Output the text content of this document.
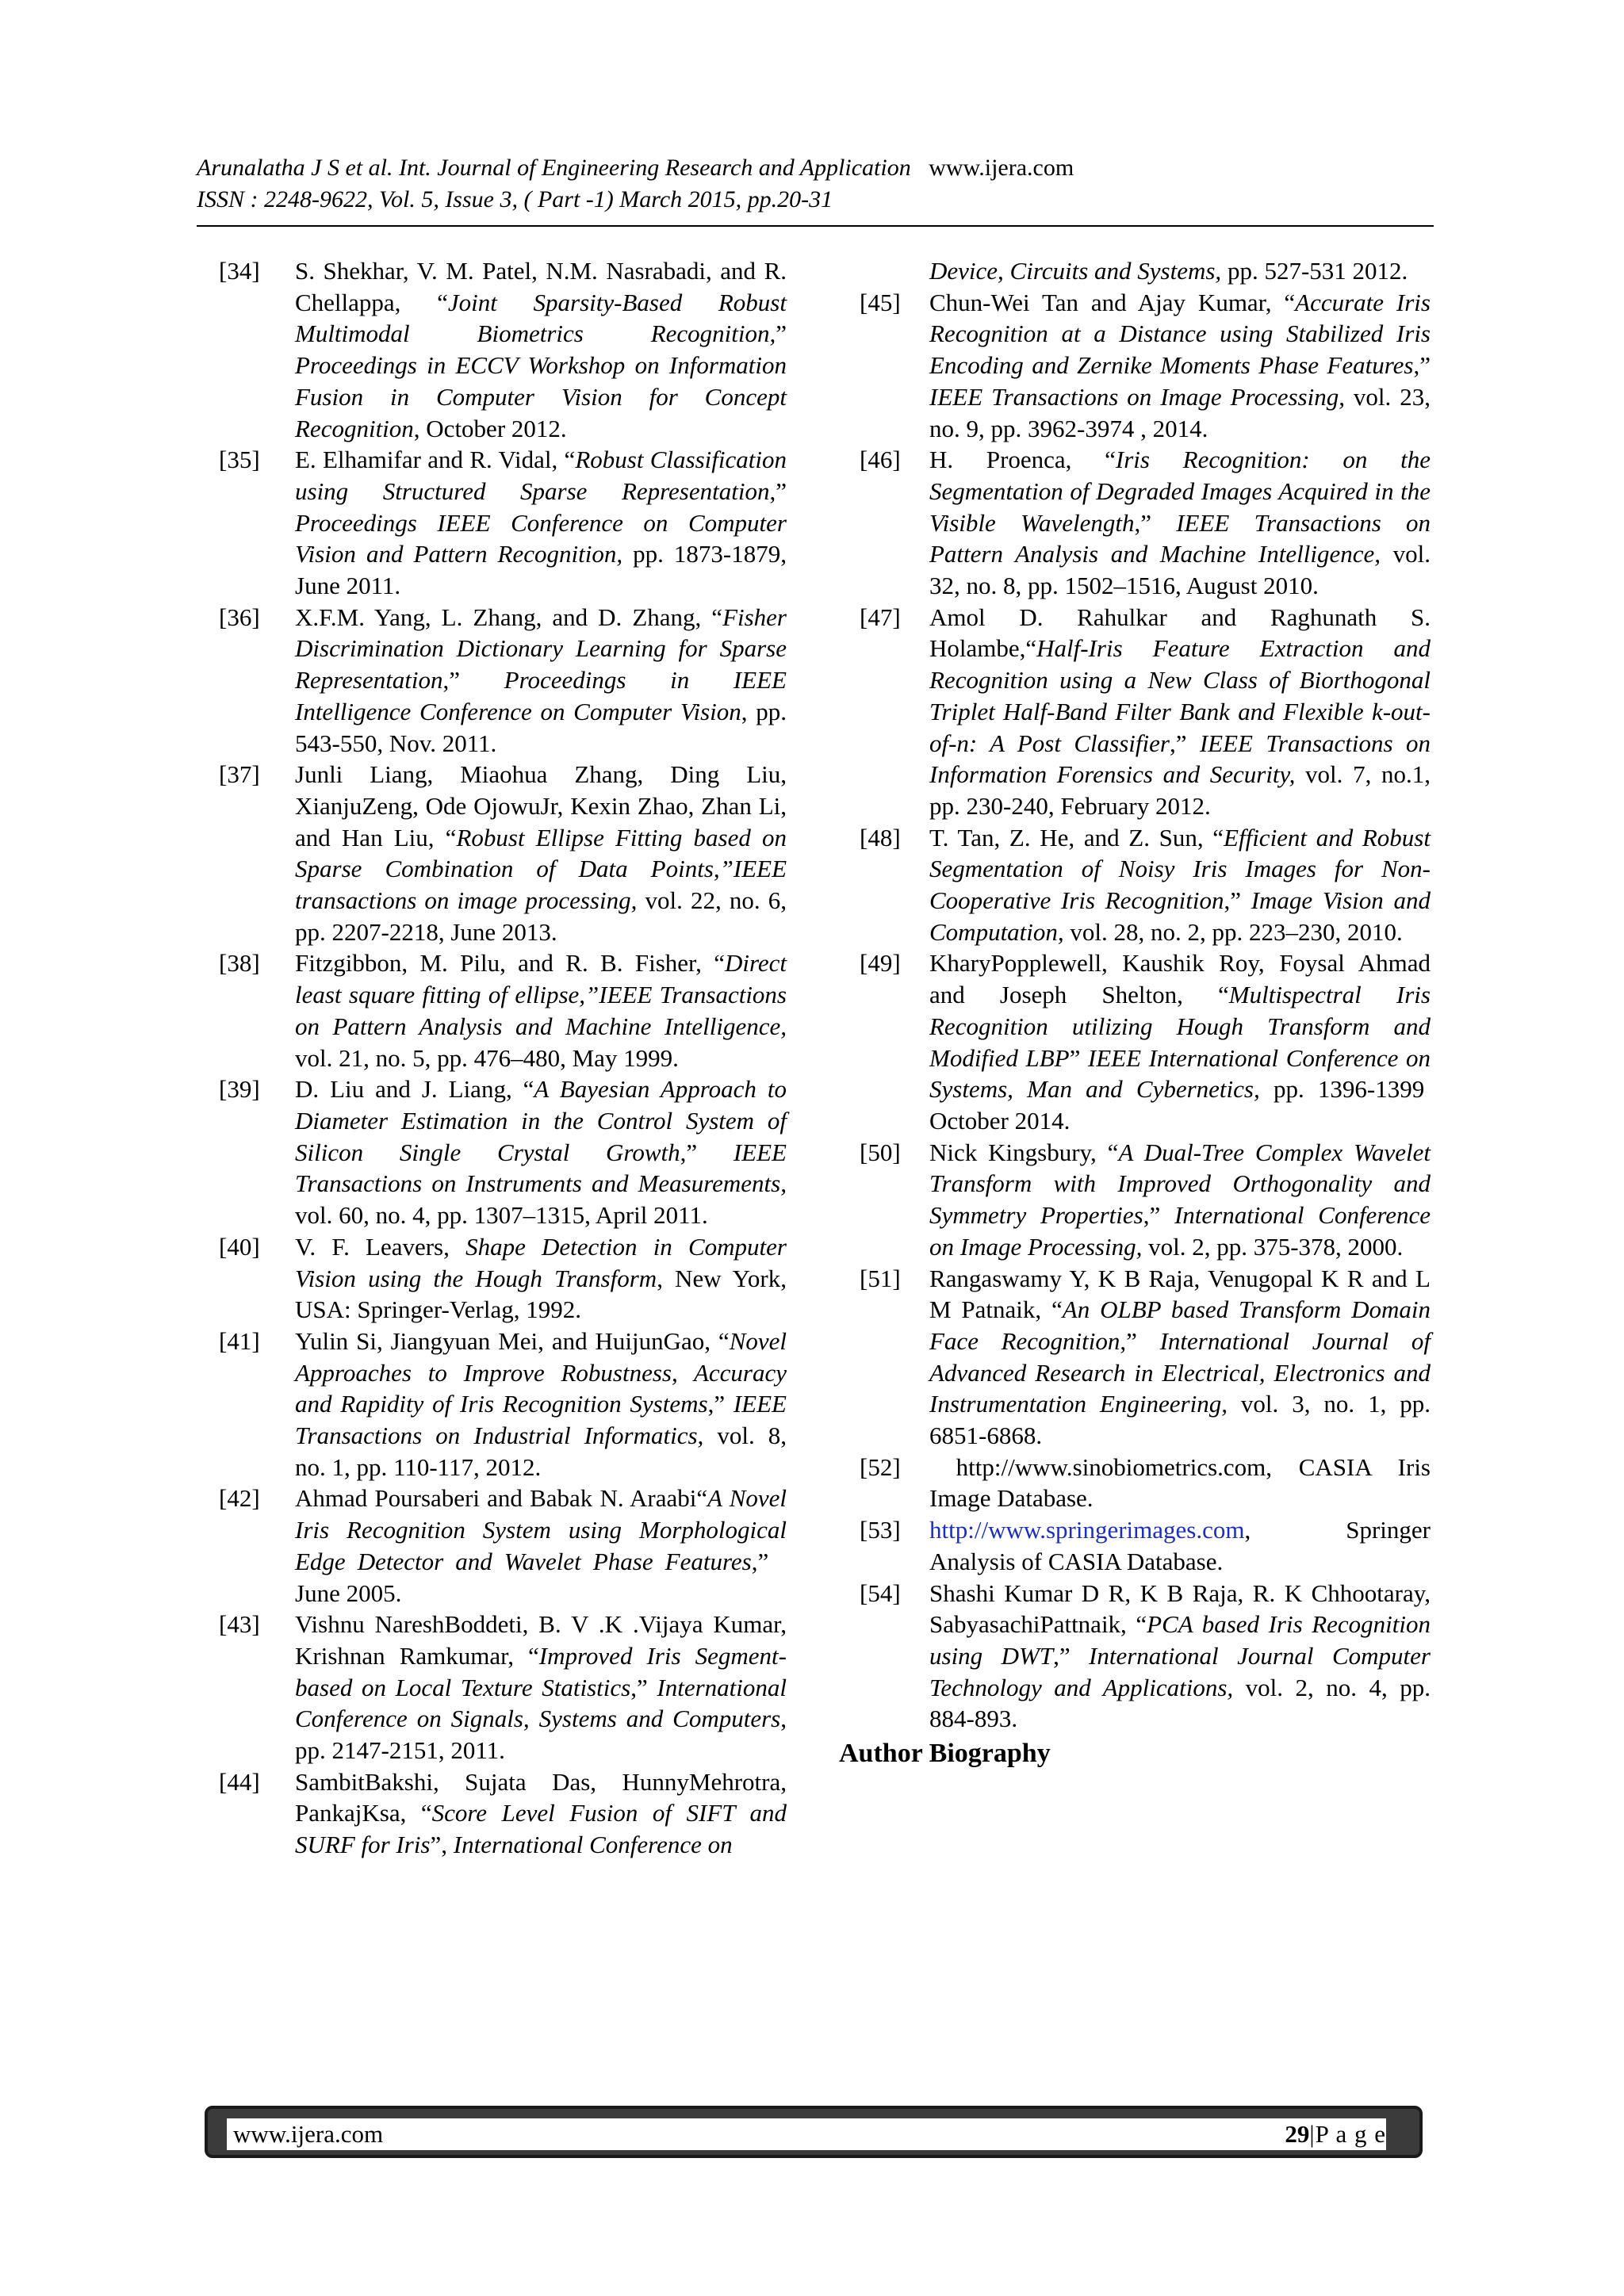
Arunalatha J S et al. Int. Journal of Engineering Research and Application www.ijera.com
ISSN : 2248-9622, Vol. 5, Issue 3, ( Part -1) March 2015, pp.20-31
[34]	S. Shekhar, V. M. Patel, N.M. Nasrabadi, and R. Chellappa, “Joint Sparsity-Based Robust Multimodal Biometrics Recognition,” Proceedings in ECCV Workshop on Information Fusion in Computer Vision for Concept Recognition, October 2012.
[35]	E. Elhamifar and R. Vidal, “Robust Classification using Structured Sparse Representation,” Proceedings IEEE Conference on Computer Vision and Pattern Recognition, pp. 1873-1879, June 2011.
[36]	X.F.M. Yang, L. Zhang, and D. Zhang, “Fisher Discrimination Dictionary Learning for Sparse Representation,” Proceedings in IEEE Intelligence Conference on Computer Vision, pp. 543-550, Nov. 2011.
[37]	Junli Liang, Miaohua Zhang, Ding Liu, XianjuZeng, Ode OjowuJr, Kexin Zhao, Zhan Li, and Han Liu, “Robust Ellipse Fitting based on Sparse Combination of Data Points,”IEEE transactions on image processing, vol. 22, no. 6, pp. 2207-2218, June 2013.
[38]	Fitzgibbon, M. Pilu, and R. B. Fisher, “Direct least square fitting of ellipse,”IEEE Transactions on Pattern Analysis and Machine Intelligence, vol. 21, no. 5, pp. 476–480, May 1999.
[39]	D. Liu and J. Liang, “A Bayesian Approach to Diameter Estimation in the Control System of Silicon Single Crystal Growth,” IEEE Transactions on Instruments and Measurements, vol. 60, no. 4, pp. 1307–1315, April 2011.
[40]	V. F. Leavers, Shape Detection in Computer Vision using the Hough Transform, New York, USA: Springer-Verlag, 1992.
[41]	Yulin Si, Jiangyuan Mei, and HuijunGao, “Novel Approaches to Improve Robustness, Accuracy and Rapidity of Iris Recognition Systems,” IEEE Transactions on Industrial Informatics, vol. 8, no. 1, pp. 110-117, 2012.
[42]	Ahmad Poursaberi and Babak N. Araabi“A Novel Iris Recognition System using Morphological Edge Detector and Wavelet Phase Features,”   June 2005.
[43]	Vishnu NareshBoddeti, B. V .K .Vijaya Kumar, Krishnan Ramkumar, “Improved Iris Segment-based on Local Texture Statistics,” International Conference on Signals, Systems and Computers, pp. 2147-2151, 2011.
[44]	SambitBakshi, Sujata Das, HunnyMehrotra, PankajKsa, “Score Level Fusion of SIFT and SURF for Iris”, International Conference on
Device, Circuits and Systems, pp. 527-531 2012.
[45]	Chun-Wei Tan and Ajay Kumar, “Accurate Iris Recognition at a Distance using Stabilized Iris Encoding and Zernike Moments Phase Features,” IEEE Transactions on Image Processing, vol. 23, no. 9, pp. 3962-3974 , 2014.
[46]	H. Proenca, “Iris Recognition: on the Segmentation of Degraded Images Acquired in the Visible Wavelength,” IEEE Transactions on Pattern Analysis and Machine Intelligence, vol. 32, no. 8, pp. 1502–1516, August 2010.
[47]	Amol D. Rahulkar and Raghunath S. Holambe,“Half-Iris Feature Extraction and Recognition using a New Class of Biorthogonal Triplet Half-Band Filter Bank and Flexible k-out-of-n: A Post Classifier,” IEEE Transactions on Information Forensics and Security, vol. 7, no.1, pp. 230-240, February 2012.
[48]	T. Tan, Z. He, and Z. Sun, “Efficient and Robust Segmentation of Noisy Iris Images for Non-Cooperative Iris Recognition,” Image Vision and Computation, vol. 28, no. 2, pp. 223–230, 2010.
[49]	KharyPopplewell, Kaushik Roy, Foysal Ahmad and Joseph Shelton, “Multispectral Iris Recognition utilizing Hough Transform and Modified LBP” IEEE International Conference on Systems, Man and Cybernetics, pp. 1396-1399  October 2014.
[50]	Nick Kingsbury, “A Dual-Tree Complex Wavelet Transform with Improved Orthogonality and Symmetry Properties,” International Conference on Image Processing, vol. 2, pp. 375-378, 2000.
[51]	Rangaswamy Y, K B Raja, Venugopal K R and L M Patnaik, “An OLBP based Transform Domain Face Recognition,” International Journal of Advanced Research in Electrical, Electronics and Instrumentation Engineering, vol. 3, no. 1, pp. 6851-6868.
[52]	http://www.sinobiometrics.com, CASIA Iris Image Database.
[53]	http://www.springerimages.com, Springer Analysis of CASIA Database.
[54]	Shashi Kumar D R, K B Raja, R. K Chhootaray, SabyasachiPattnaik, “PCA based Iris Recognition using DWT,” International Journal Computer Technology and Applications, vol. 2, no. 4, pp. 884-893.
Author Biography
www.ijera.com	29|P a g e
